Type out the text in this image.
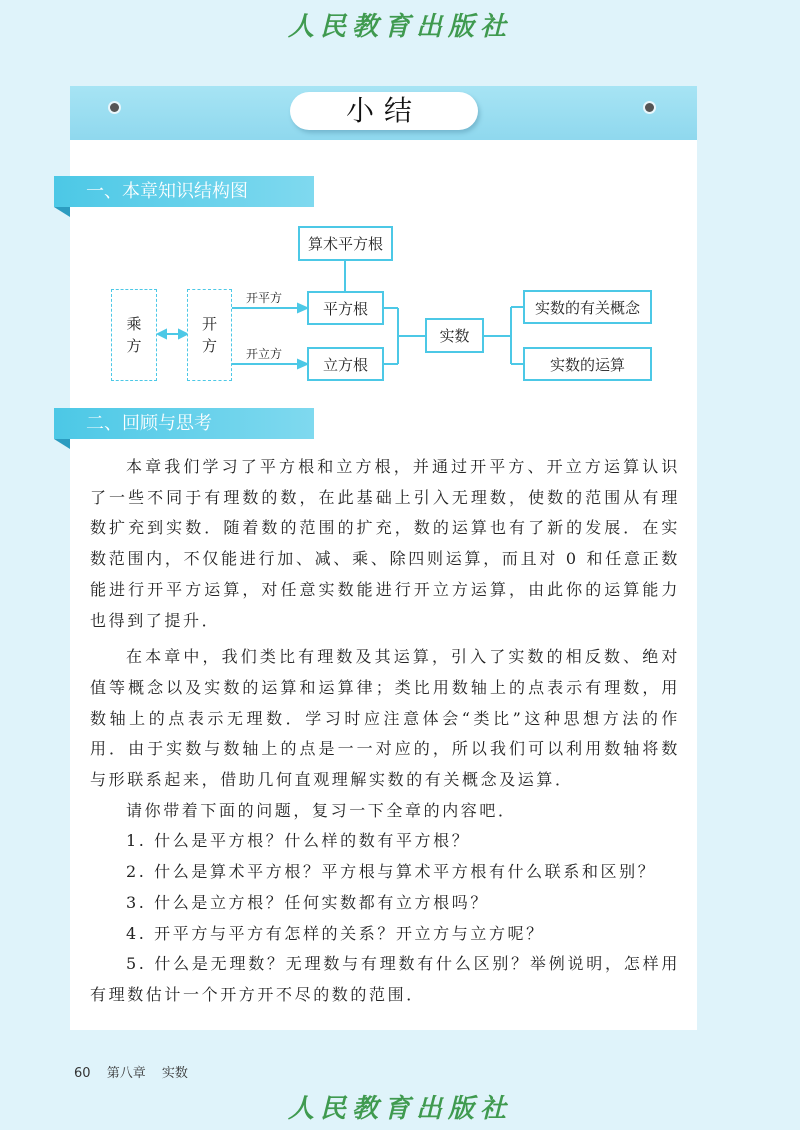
人民教育出版社
小结
一、本章知识结构图
乘
方
开
方
开平方
开立方
算术平方根
平方根
立方根
实数
实数的有关概念
实数的运算
二、回顾与思考

本章我们学习了平方根和立方根，并通过开平方、开立方运算认识了一些不同于有理数的数，在此基础上引入无理数，使数的范围从有理数扩充到实数．随着数的范围的扩充，数的运算也有了新的发展．在实数范围内，不仅能进行加、减、乘、除四则运算，而且对 0 和任意正数能进行开平方运算，对任意实数能进行开立方运算，由此你的运算能力也得到了提升．

在本章中，我们类比有理数及其运算，引入了实数的相反数、绝对值等概念以及实数的运算和运算律；类比用数轴上的点表示有理数，用数轴上的点表示无理数．学习时应注意体会“类比”这种思想方法的作用．由于实数与数轴上的点是一一对应的，所以我们可以利用数轴将数与形联系起来，借助几何直观理解实数的有关概念及运算．

请你带着下面的问题，复习一下全章的内容吧．

1. 什么是平方根？什么样的数有平方根？

2. 什么是算术平方根？平方根与算术平方根有什么联系和区别？

3. 什么是立方根？任何实数都有立方根吗？

4. 开平方与平方有怎样的关系？开立方与立方呢？

5. 什么是无理数？无理数与有理数有什么区别？举例说明，怎样用有理数估计一个开方开不尽的数的范围．

60 第八章 实数
人民教育出版社
